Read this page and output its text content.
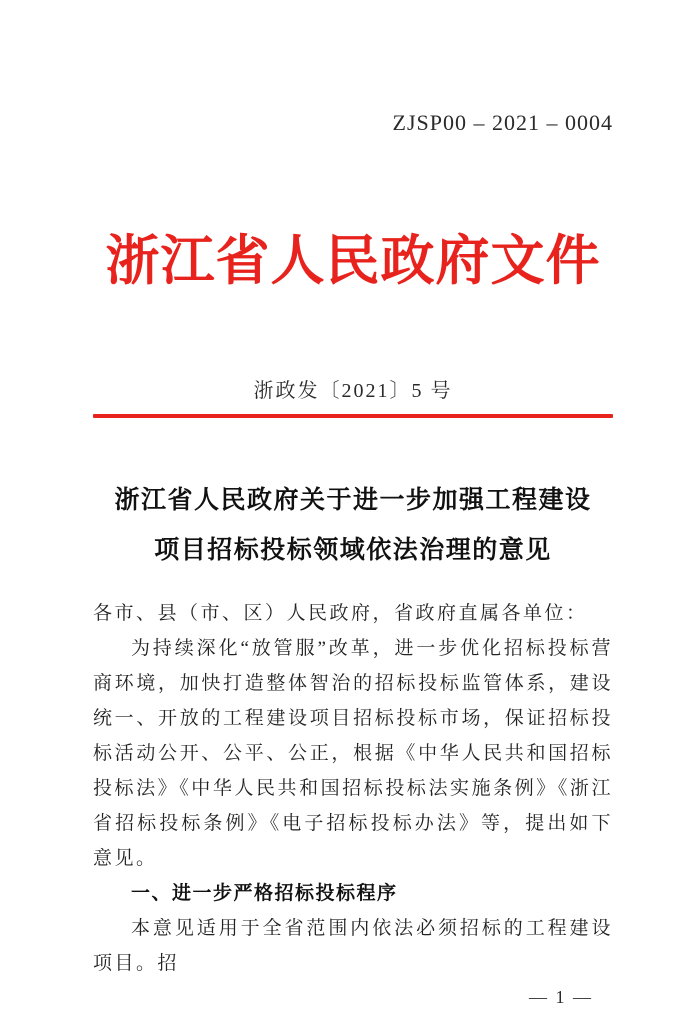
ZJSP00 – 2021 – 0004
浙江省人民政府文件
浙政发〔2021〕5 号
浙江省人民政府关于进一步加强工程建设
项目招标投标领域依法治理的意见

各市、县（市、区）人民政府，省政府直属各单位：

为持续深化“放管服”改革，进一步优化招标投标营商环境，加快打造整体智治的招标投标监管体系，建设统一、开放的工程建设项目招标投标市场，保证招标投标活动公开、公平、公正，根据《中华人民共和国招标投标法》《中华人民共和国招标投标法实施条例》《浙江省招标投标条例》《电子招标投标办法》等，提出如下意见。

一、进一步严格招标投标程序

本意见适用于全省范围内依法必须招标的工程建设项目。招

— 1 —
